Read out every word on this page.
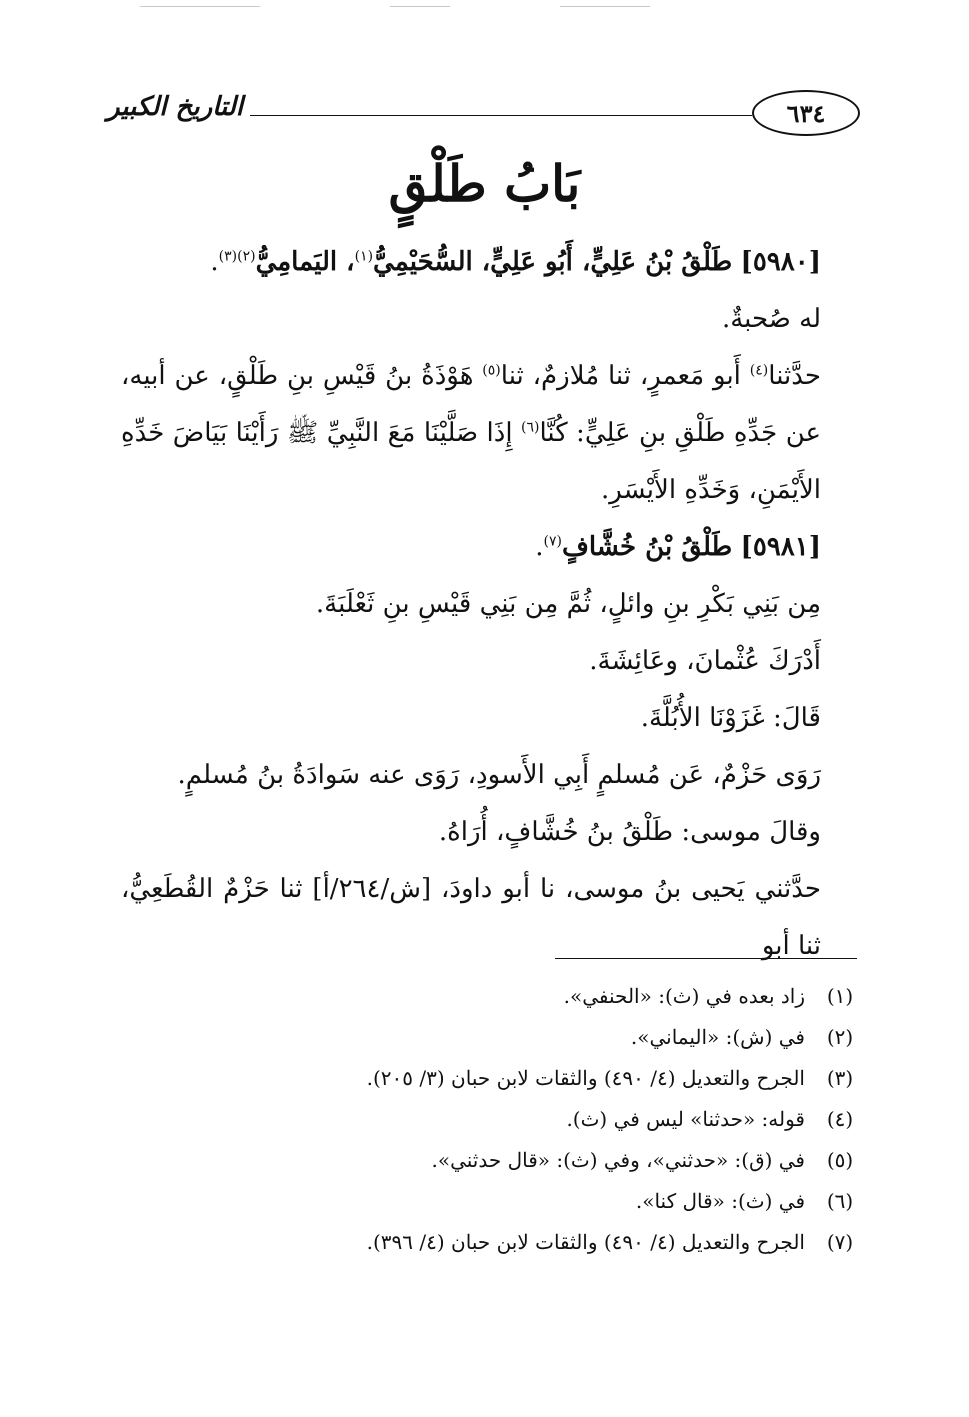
٦٣٤
التاريخ الكبير
بَابُ طَلْقٍ

[٥٩٨٠] طَلْقُ بْنُ عَلِيٍّ، أَبُو عَلِيٍّ، السُّحَيْمِيُّ$^{(١)}$، اليَمامِيُّ$^{(٢)(٣)}$.

له صُحبةٌ.

حدَّثنا$^{(٤)}$ أَبو مَعمرٍ، ثنا مُلازمٌ، ثنا$^{(٥)}$ هَوْذَةُ بنُ قَيْسِ بنِ طَلْقٍ، عن أبيه، عن جَدِّهِ طَلْقِ بنِ عَلِيٍّ: كُنَّا$^{(٦)}$ إِذَا صَلَّيْنَا مَعَ النَّبِيِّ ﷺ رَأَيْنَا بَيَاضَ خَدِّهِ الأَيْمَنِ، وَخَدِّهِ الأَيْسَرِ.

[٥٩٨١] طَلْقُ بْنُ خُشَّافٍ$^{(٧)}$.

مِن بَنِي بَكْرِ بنِ وائلٍ، ثُمَّ مِن بَنِي قَيْسِ بنِ ثَعْلَبَةَ.

أَدْرَكَ عُثْمانَ، وعَائِشَةَ.

قَالَ: غَزَوْنَا الأُبُلَّةَ.

رَوَى حَزْمٌ، عَن مُسلمٍ أَبِي الأَسودِ، رَوَى عنه سَوادَةُ بنُ مُسلمٍ.

وقالَ موسى: طَلْقُ بنُ خُشَّافٍ، أُرَاهُ.

حدَّثني يَحيى بنُ موسى، نا أبو داودَ، [ش/٢٦٤/أ] ثنا حَزْمٌ القُطَعِيُّ، ثنا أبو

(١)
زاد بعده في (ث): «الحنفي».
(٢)
في (ش): «اليماني».
(٣)
الجرح والتعديل (٤/ ٤٩٠) والثقات لابن حبان (٣/ ٢٠٥).
(٤)
قوله: «حدثنا» ليس في (ث).
(٥)
في (ق): «حدثني»، وفي (ث): «قال حدثني».
(٦)
في (ث): «قال كنا».
(٧)
الجرح والتعديل (٤/ ٤٩٠) والثقات لابن حبان (٤/ ٣٩٦).
